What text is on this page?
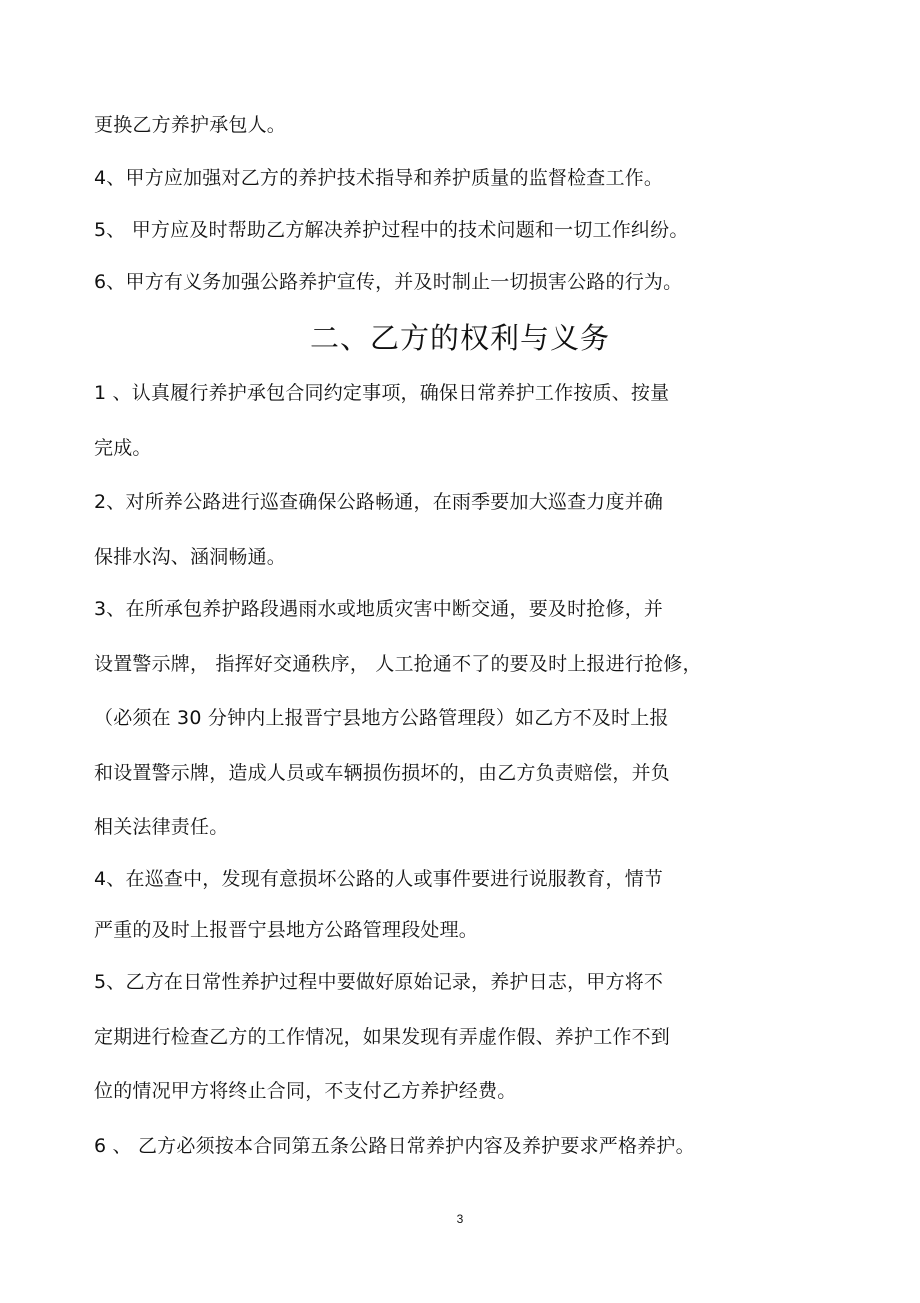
更换乙方养护承包人。
4、甲方应加强对乙方的养护技术指导和养护质量的监督检查工作。
5、 甲方应及时帮助乙方解决养护过程中的技术问题和一切工作纠纷。
6、甲方有义务加强公路养护宣传，并及时制止一切损害公路的行为。
二、乙方的权利与义务
1 、认真履行养护承包合同约定事项，确保日常养护工作按质、按量
完成。
2、对所养公路进行巡查确保公路畅通，在雨季要加大巡查力度并确
保排水沟、涵洞畅通。
3、在所承包养护路段遇雨水或地质灾害中断交通，要及时抢修，并
设置警示牌， 指挥好交通秩序， 人工抢通不了的要及时上报进行抢修，
（必须在 30 分钟内上报晋宁县地方公路管理段）如乙方不及时上报
和设置警示牌，造成人员或车辆损伤损坏的，由乙方负责赔偿，并负
相关法律责任。
4、在巡查中，发现有意损坏公路的人或事件要进行说服教育，情节
严重的及时上报晋宁县地方公路管理段处理。
5、乙方在日常性养护过程中要做好原始记录，养护日志，甲方将不
定期进行检查乙方的工作情况，如果发现有弄虚作假、养护工作不到
位的情况甲方将终止合同，不支付乙方养护经费。
6 、 乙方必须按本合同第五条公路日常养护内容及养护要求严格养护。
3
